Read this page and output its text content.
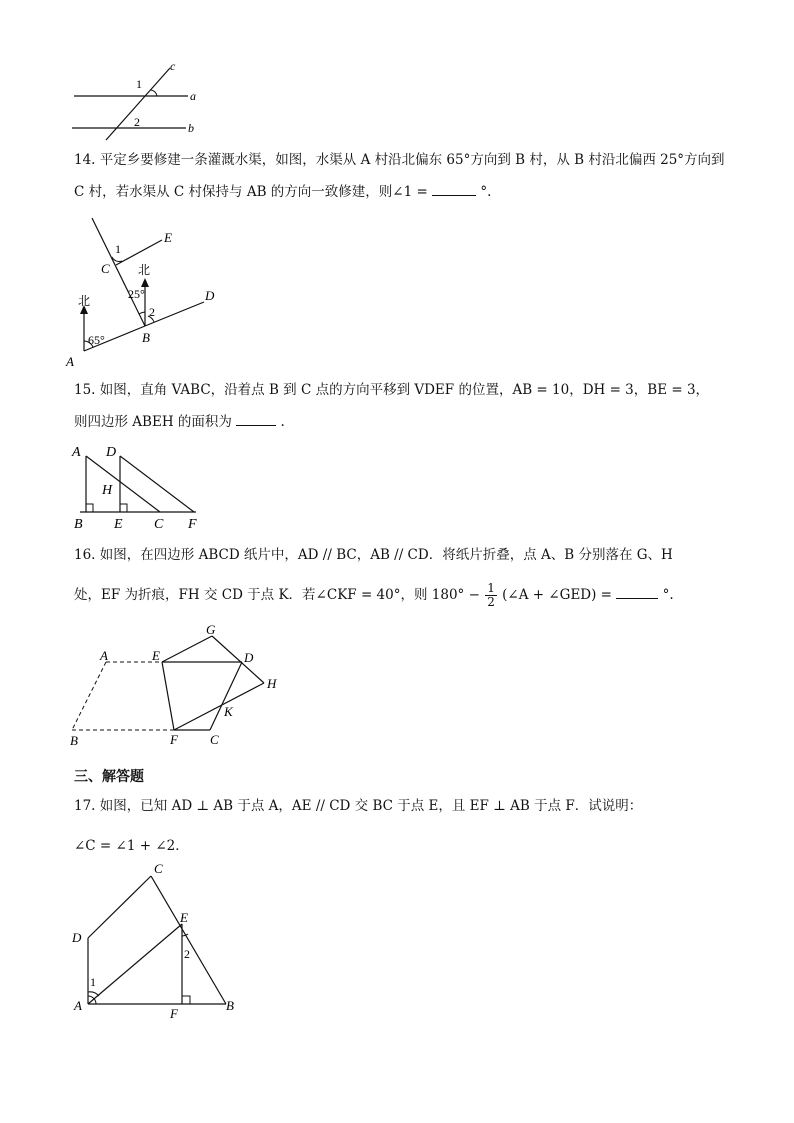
1
2
a
b
c
14. 平定乡要修建一条灌溉水渠，如图，水渠从 A 村沿北偏东 65°方向到 B 村，从 B 村沿北偏西 25°方向到
C 村，若水渠从 C 村保持与 AB 的方向一致修建，则∠1 =	°.
A
B
C
D
E
北
北
65°
25°
1
2
15. 如图，直角 VABC，沿着点 B 到 C 点的方向平移到 VDEF 的位置，AB = 10，DH = 3，BE = 3，
则四边形 ABEH 的面积为	.
A D
H
B E C F
16. 如图，在四边形 ABCD 纸片中，AD // BC，AB // CD．将纸片折叠，点 A、B 分别落在 G、H
处，EF 为折痕，FH 交 CD 于点 K．若∠CKF = 40°，则 $180^\circ - \frac{1}{2}$ (∠A + ∠GED) =	°.
A
B	C
D
E
F
G
H
K
三、解答题
17. 如图，已知 AD ⊥ AB 于点 A，AE // CD 交 BC 于点 E，且 EF ⊥ AB 于点 F．试说明：
∠C = ∠1 + ∠2．
C
D
E
A
F
B
1
2
